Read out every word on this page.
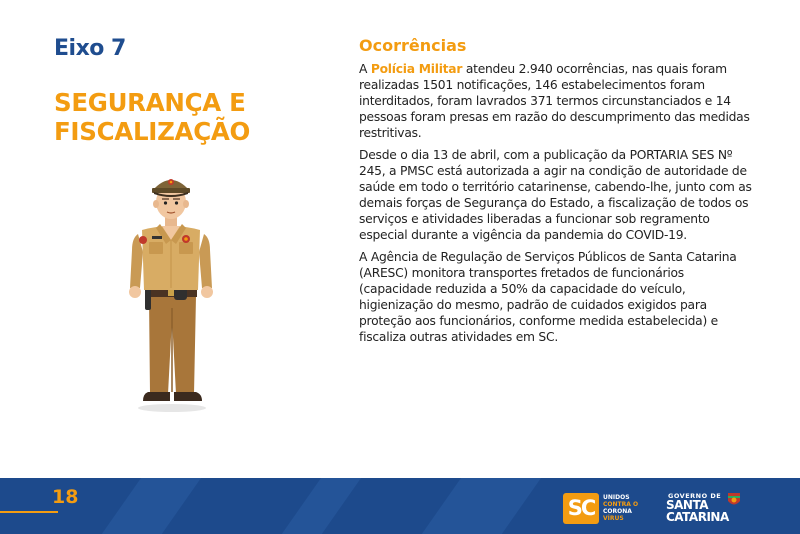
Eixo 7
SEGURANÇA E FISCALIZAÇÃO
Ocorrências

A Polícia Militar atendeu 2.940 ocorrências, nas quais foram realizadas 1501 notificações, 146 estabelecimentos foram interditados, foram lavrados 371 termos circunstanciados e 14 pessoas foram presas em razão do descumprimento das medidas restritivas.

Desde o dia 13 de abril, com a publicação da PORTARIA SES Nº 245, a PMSC está autorizada a agir na condição de autoridade de saúde em todo o território catarinense, cabendo-lhe, junto com as demais forças de Segurança do Estado, a fiscalização de todos os serviços e atividades liberadas a funcionar sob regramento especial durante a vigência da pandemia do COVID-19.

A Agência de Regulação de Serviços Públicos de Santa Catarina (ARESC) monitora transportes fretados de funcionários (capacidade reduzida a 50% da capacidade do veículo, higienização do mesmo, padrão de cuidados exigidos para proteção aos funcionários, conforme medida estabelecida) e fiscaliza outras atividades em SC.

18	SC	UNIDOS
CONTRA O
CORONA
VÍRUS
GOVERNO DE
SANTA CATARINA
